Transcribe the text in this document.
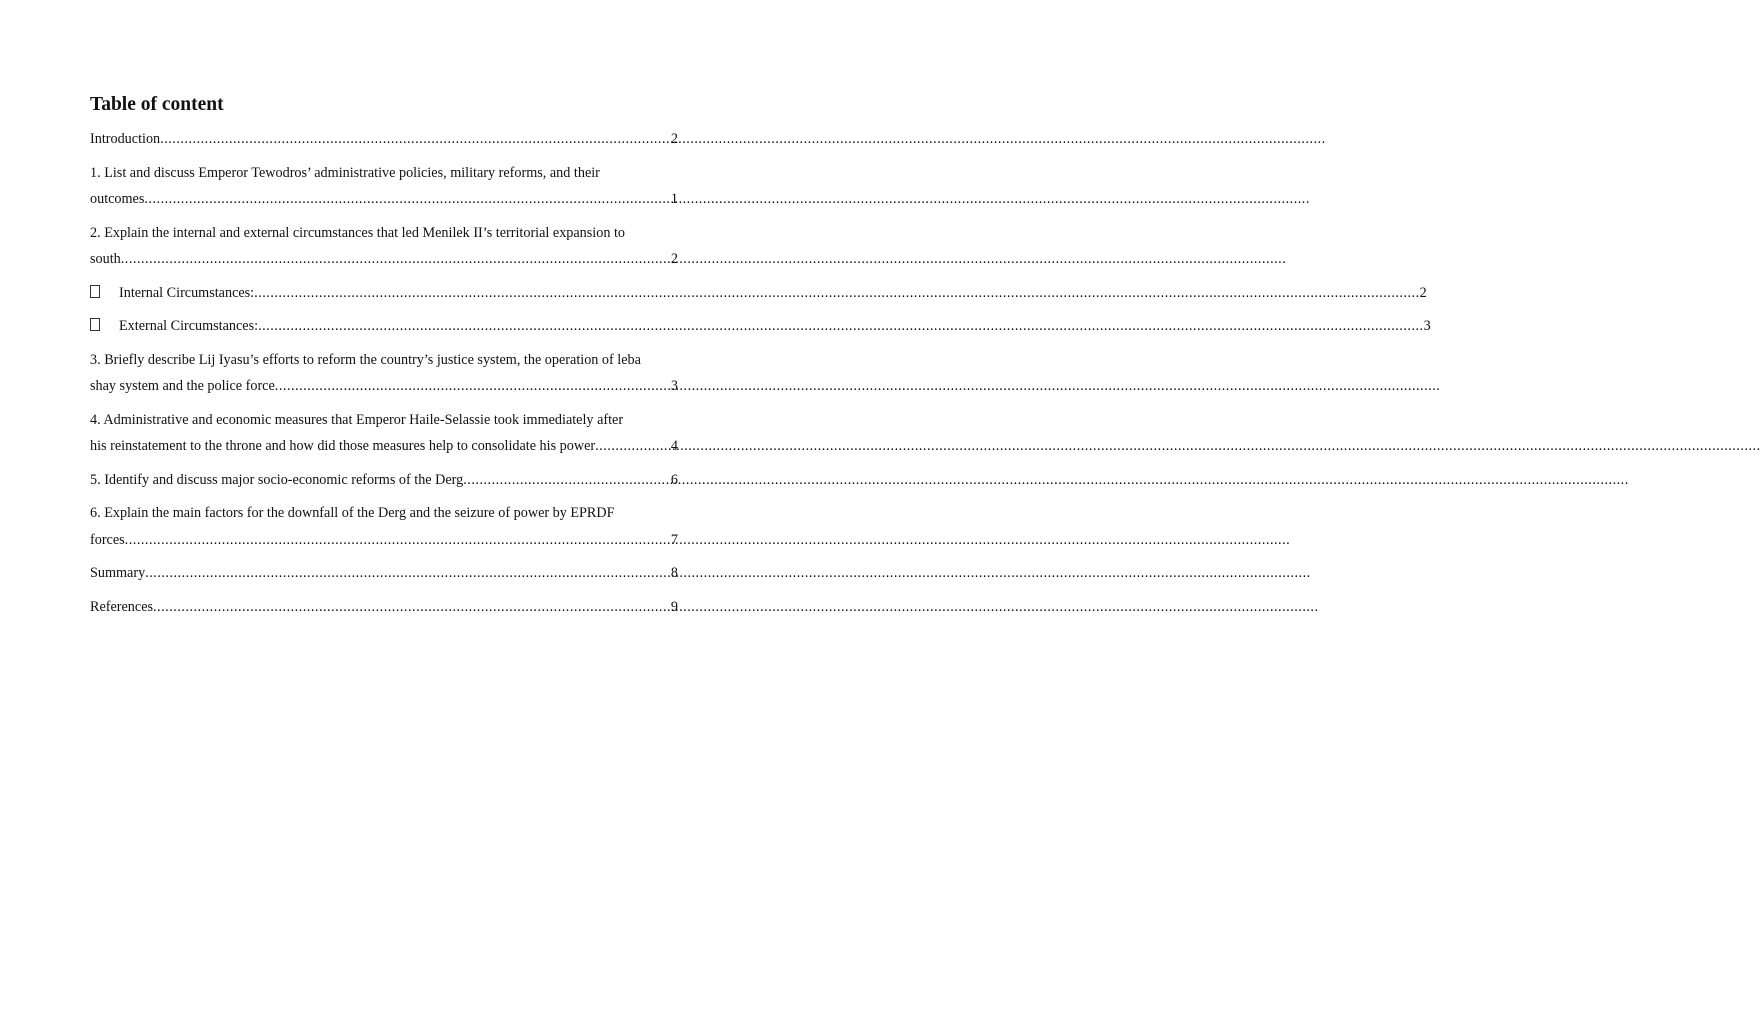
Table of content
Introduction .....	2
1. List and discuss Emperor Tewodros’ administrative policies, military reforms, and their
outcomes .....	1
2. Explain the internal and external circumstances that led Menilek II’s territorial expansion to
south .....	2
Internal Circumstances: .....	2
External Circumstances: .....	3
3. Briefly describe Lij Iyasu’s efforts to reform the country’s justice system, the operation of leba
shay system and the police force .....	3
4. Administrative and economic measures that Emperor Haile-Selassie took immediately after
his reinstatement to the throne and how did those measures help to consolidate his power .....	4
5. Identify and discuss major socio-economic reforms of the Derg .....	6
6. Explain the main factors for the downfall of the Derg and the seizure of power by EPRDF
forces .....	7
Summary .....	8
References .....	9
